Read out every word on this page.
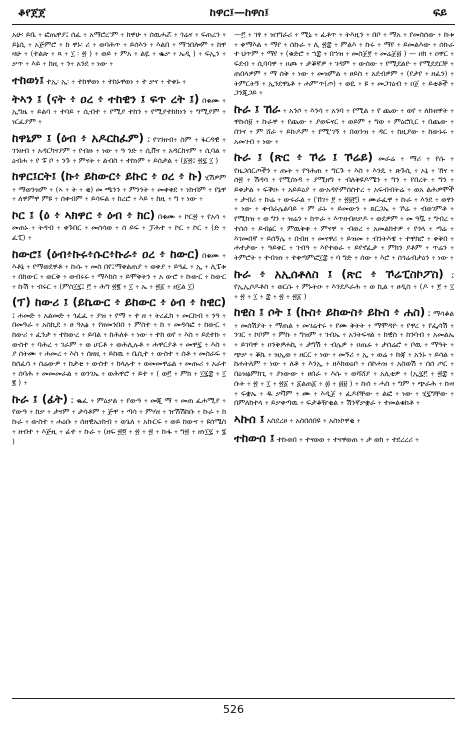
ቆየጀጀ	ከዋር፤—ከዋስ፤	ፍይ

አሁ፡ ይቤ ፥ ፎጤዋያ፤ ሰፈ ፥ አማሮረ'ም ፥ ከዋሁ ፥ ሰዉሐሯ ፥ ጎሬና ፥ ፍጠረን ፥ ይኔሲ ፥ አጅምሮ ፥ ከ ዋኑ፡ ሪ ፥ ወባሕጥ ፥ ይሰእን ፥ እልበ ፥ ማኅበሎም ፥ ከዋ ዛሁ ፥ (ተልጵ ፥ ጻ ፥ ፲ ፡ ፳ ) ፥ ወይ ፥ ምአ ፥ ልዬ ፥ ቈቃ ፥ ኤዲ ) ፥ ፍኢን ፥ ቃጥ ፥ እይ ፥ ከዚ ፥ ን፥ አንደ ፥ ነው ፥

ተከወነ፤ ተኢ፡ ኢ፡ ፥ ተከዋወነ ፥ ተከኑዋወነ ፥ ተ ቃና ፥ ተቀኑ ፥

ትኣን ፤ (ናት ፥ ዐረ ፥ ተከዊን ፤ ፍጥ ረት ፤) በቁሙ ፥ ኢግዜ ፥ ይልባ ፥ ተባይ ፥ ሲብተ ፥ የሚያ ተከን ፥ የሚያተከክነን ፥ ግሚያም ፥ ነርፈያም ፥

ከዋኒም ፤ (ዕብ ፥ አዶርከፈም) ፤ የገንዘብ፥ ስም ፥ ፋርዳዊ ፥ ገንዘብ ፥ አዳርካናያም ፥ የብዙ ፥ ነው ፥ ዓ ንድ ፥ ሲቨና ፥ አዳርከናም ፥ ሲባል ፥ ዕብሐ ፥ የ ፑ ቦ ፥ ንጉ ፥ ምናት ፥ ልብስ ፥ ተከነም ፥ ይሰታል ፥ (፩፳፤ ፳፯ ፲ )

ከዋር፤ርት፤ (ኩ፥ ይከውር፥ ይኩር ፥ ዐረ ፥ ኩ) ሂሽዎም ፥ ማወንዝም ፥ (ኣ ፥ ት ፥ ቂ) መ ጫንን ፥ ምንንት ፥ መቀቀደ ፥ ነክብም ፥ የኔዋ ፥ ለዋምዋ ምዩ ፥ ሰቀብም ፥ ይሳፍል ፥ ከረሮ ፥ እይ ፥ ከዚ ፥ ግ ፥ ነው ፥

ኮር ፤ (ዕ ፥ ኣክዋር ፥ ዕብ ፥ ክር) በቁሙ ፥ ኮር፳ ፥ የአሳ ፥ መጠኑ ፥ ትዳብ ፥ ቀጉበር ፥ መሰሳወ ፥ ሰ ይፍ ፥ ፓሕተ ፥ ኮር ፥ ኮር ፥ (ድ ፥ ፈፒ) ፥

ከውሮ፤ (ዕብ፥ኩሩ፥ሱር፥ኩራ፥ ዐረ ፥ ከውር) በቁሙ ፥ እቶኔ ፥ የማወደዋቶ ፥ ኩሱ ፥ መስ በየ፤ማቀልጠያ ፥ ወቀያ ፥ ይጓፈ ፥ ኢ ፥ ሊፔቱ ፥ በከውር ፥ ወርቅ ፥ ወብሩሩ ፥ ማእክስ ፥ ይሞቅትን ፥ አ ውሮ ፥ ኩውር ፥ ከውር ፥ ኩሽ ፥ ብሩር ፥ (ምስ፲፯፤ ፫ ፥ ሕግ ፳፪ ፥ ፲ ፥ ኤ ፥ ፳፩ ፥ ዘ፲ል ፲)

(ፕ) ከውሪ ፤ (ይኬውር ፥ ይከውር ፥ ዕብ ፥ ከዊር) ፤ ሐመድ ፥ አልመድ ፥ ጎፈፈ ፥ ያዝ ፥ የማ ፥ ተ ዘ ፥ ትረፈክ ፥ መርከብ ፥ ንዓ ፥ በመዓራ ፥ አስኪደ ፥ ፀ ዓአፅ ፥ የዘመንበበ ፥ ምስተ ፥ ከ ፥ መዳሳፎ ፥ ከውር ፥ ከውሪ ፥ ፈንታ ፥ ተከውረ ፥ ይባል ፥ ከሕለፉ ፥ ነው ፥ ተከ ወየ ፥ እስ ፥ ይደተኩ ፥ ውስተ ፥ ባሕረ ፥ ገራም ፥ ወ ሆርቶ ፥ ወሕሊሉቶ ፥ ሐዋርያቶ ፥ መዋ፯ ፥ እስ ፥ ያ ሰትሙ ፥ ሐመረ ፥ እስ ፥ ሰዘዚ ፥ ይከዉ ፥ ቤሲተ ፥ ውስተ ፥ ሰቶ ፥ መስራፍ ፥ ከሰፈሳ ፥ ሰሬውዎ ፥ ከታቲ ፥ ውስተ ፥ ክላሉተ ፥ ወመመዋሬል ፥ መጡሪ ፥ አራተ ፥ ሰባሕ ፥ መመመራል ፥ ወንገኤ ፥ ወሕዋሮ ፥ ይተ ፥ ( ወ፫ ፥ ምክ ፥ ፲፯፰ ፥ ፲ ፪ ) ፥

ኩራ ፤ (ፊት) ፤ ቈፈ ፥ ምዕቃል ፥ የውዓ ፥ መጂ ማ ፥ መጠ ፈሐሚያ ፥ የውዓ ፥ ከቃ ፥ ታናም ፥ ታሳቶም ፥ ጅዋ ፥ ጣሳ ፥ ምሃዘ ፥ ዠሽሽከቡ ፥ ኩራ ፥ ከ ኩራ ፥ ውስተ ፥ ሐዕቡ ፥ ሰዘዊኤነክብ ፥ ወጌለ ፥ አኩርፍ ፥ ወይ ከውና ፥ ዩሰሜስ ፥ ዘብተ ፥ እጅዚ ፥ ፊተ ፥ ኩራ ፥ (ዘፍ ፳፬ ፥ ፳ ፥ ፳ ፥ ኩፋ ፥ ግ፳ ፥ ዘነ፲፯ ፥ ፮ )

—፫ ፥ ገፃ ፥ ዝገግራሪ ፥ ሚኒ ፥ ፈቶጥ ፥ ትእዚን ፥ በቦ ፥ ማአ ፥ የመስሰው ፥ ኩቱ ፥ ቀማእል ፥ ማየ ፥ ሰኩራ ፥ ሊ ፳፰ ፥ ምልእ ፥ ኩሩ ፥ ማየ ፥ ይመልእው ፥ ሰኩራ ተ ህጥም ፥ ማየ ፥ (ቁድሮ ፥ ኀ፰ ፥ በኀዝ ፥ መስጀ፻ ፥ መሬጀ፴ ) — ዐክ ፥ ዐዋር ፥ ፍደብ ፥ ሲባባዋ ፥ ዐጮ ፥ ታቖኛዎ ፥ ገዳም ፥ ውስው ፥ የሚደልዮ ፥ የሚደደርቸ ፥ ጠበላዎም ፥ ማ ሰቅ ፥ ነው ፥ መዝምል ፥ ፀይስ ፥ አደብዎም ፥ (የታየ ፥ ዘፈን) ፥ ትምርትኝ ፥ ኢንደዋኒቶ ፥ ሐም'ጥ(ጦ) ፥ ወዪ ፥ ዩ ፥ መጋገዕብ ፥ ዐጀ ፥ ይቲቶች ፥ ጋንጂጋይ ፥

ኩራ ፤ ኸራ ፥ አንሶ ፥ እንሳ ፥ አንባ ፥ የሚል ፥ የ ጨው ፥ ወየ ፥ ለኩዘዋት ፥ ዋኩሰ፱ ፥ ኩራዋ ፥ የጨው ፥ ያወፍናር ፥ ወይም ፥ ግወ ፥ ምዕሮቢር ፥ በጨው ፥ በንና ፥ ም ሸራ ፥ ይኩዶም ፥ የሚ'ገኝ ፥ በወንዝ ፥ ዳር ፥ ከዚያው ፥ ከውኑሩ ፥ አመገብ ፥ ነው ፥

ኩራ ፤ (ጽር ፥ ኾሬ ፤ ኾሬይ) መራሬ ፥ ማሪ ፥ የሱ ፥ የዜጋሰርጦችን ፥ ጡት ፥ የጓሕጠ ፥ ግርጉ ፥ እስ ፥ እንዴ ፥ ጽጉሲ ፥ ኦኔ ፥ ኸና ፥ ሰ፳ ፥ ሽዳሳ ፥ የሚሰነዳ ፥ ያሚዘግ ፥ ብለቅዩዶሜን ፥ ግን ፥ የበረት ፥ ግን ፥ ይቀታል ፥ ፍቕዑ ፥ አይይዕያ ፥ ውአዳዮምሰስተረ ፥ አፍብብትሬ ፥ ወአ ልሕዎሞች ፥ ታብሪ ፥ ኩሬ ፥ ውሩራል ፥ (ኸገ፥ ፻ ፥ ፳፱፫) ፥ ሙራፈዋ ፥ ኩራ ፥ እንደ ፥ ወፃን ፥ ነው ፥ ቀብራሌልባይ ፥ ም ራኑ ፥ ይመውን ፥ ጸርጋኤ ፥ ኾሬ ፥ ብወገምቶ ፥ የሚክዝ ፥ ወ ግን ፥ ዝሬን ፥ ከጥራ ፥ እጥዘብዞቃዶ ፥ ወደዎም ፥ መ ዓቯ ፥ ግብረ ፥ ተሰሰ ፥ ይብፅር ፥ ምዉቅቀ ፥ ምናዋ ፥ ብወረ ፥ አመልክተዎ ፥ የጎላ ፥ ጣሬ ፥ እገመበኛ ፥ ይሰኝሌ ፥ በብዘ ፥ መናዋሪ ፥ ይዝመ ፥ ብንትእዌ ፥ ተዋክሮ ፥ ቀቅበ ፥ ሐተታው ፥ ዓይቀር ፥ ገብዓ ፥ እየተወራ ፥ ይየኖፈታ ፥ ምክን ያቶም ፥ ጥሬን ፥ ትምሮት ፥ ተብዝነ ፥ ተቀጣምፎ፲፰ ፥ ባ ግድ ፥ ሰው ፥ እሮ ፥ ሰጎሬብታዕን ፥ ነው ፥

ኩራ ፥ አኢሰቶለስ ፤ (ጽር ፥ ኾሬፒስኮፖስ) ፤ የኢኢሶዶቶስ ፥ ወርሱ ፥ ምኑትዑ ፥ እንደዶራሕ ፥ ወ ኪል ፥ ፀዲስ ፥ (ዶ ፥ ፻ ፥ ፲ ፥ ፳ ፥ ፲ ፥ ፰ ፥ ፳ ፥ ፳፩ )

ከዊስ ፤ ሶት ፤ (ኩስ፥ ይከውስ፥ ይኩስ ፥ ሐስ) ፤ ማሳቆል ፥ መሰሽያት ፥ ማጠል ፥ መገሬተሩ ፥ የሙ ቅትት ፥ ማሞዳዮ ፥ የዋረ ፥ የፌሳሽ ፥ ንገር ፥ ኮቦም ፥ ምኩ ፥ ግዝም ፥ ገብኤ ፥ አንትፍናል ፥ ከዊስ ፥ ከንባብ ፥ አመልኤ ፥ ይገባዋ ፥ ዐንቅዎሐኪ ፥ ታግሽ ፥ ብሌዎ ፥ ዐጤሩ ፥ ታሰሬሮ ፥ ቦዉ ፥ ማዓት ፥ ጭቃ ፥ ቖኬ ፥ ዝኢወ ፥ ዘርር ፥ ነው ፥ መኝሪ ፥ ኢ ፥ ወሬ ፥ ኩጃ ፥ አንኑ ፥ ይሳል ፥ ከሐትለም ፥ ነው ፥ ለቶ ፥ እንኢ ፥ ዘእክወዕቦ ፥ ሰኮሐዝ ፥ አስወሽ ፥ ሰሰ ጦር ፥ በዕዝፅምክጊ ፥ ያነውው ፥ ፀበራ ፥ እሱ ፥ ወሻሸያ ፥ አሊቲዎ ፥ (ኢ፯፫ ፥ ፳፰ ፥ ቡት ፥ ፳ ፥ ፲ ፥ ፳፩ ፥ ፩ልጠ፩ ፥ ፴ ፥ ፴፱ ) ፥ ኩሰ ፥ ሓስ ፥ ግም ፥ ጭራሕ ፥ ኩዛ ፥ ፍቋኤ ፥ ዱ ቃቫም ፥ ሙ ፥ እዲጀ ፥ ፈዶየቸው ፥ ልፎ ፥ ነው ፥ ሂ፯ግቸው ፥ በምለክተላ ፥ ይቃቀጣዉ ፥ ፍታቆዥቂል ፥ ሽንኛቃቋራ ፥ ተመልቁከቶ ፥

ኣኩሰ ፤ አስደረፀ ፥ አስበሰበዩ ፥ አስነኮዋቂ ፥

ተከውሰ ፤ ተኩወበ ፥ ተናወወ ፥ ተናዋወጠ ፥ ታ ወክ ፥ ተደረረሪ ፥

526
